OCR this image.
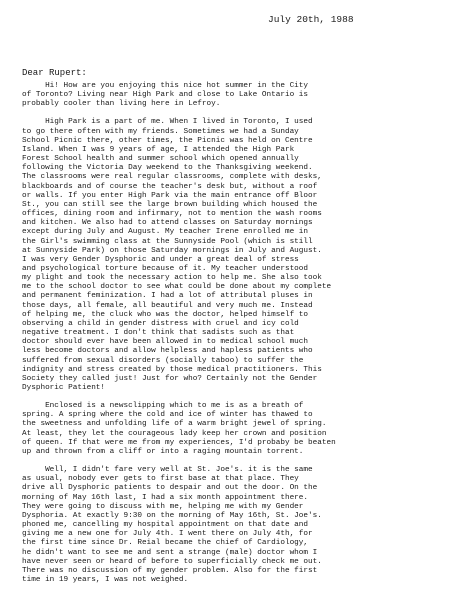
July 20th, 1988
Dear Rupert:
Hi! How are you enjoying this nice hot summer in the City
of Toronto? Living near High Park and close to Lake Ontario is
probably cooler than living here in Lefroy.
High Park is a part of me. When I lived in Toronto, I used
to go there often with my friends. Sometimes we had a Sunday
School Picnic there, other times, the Picnic was held on Centre
Island. When I was 9 years of age, I attended the High Park
Forest School health and summer school which opened annually
following the Victoria Day weekend to the Thanksgiving weekend.
The classrooms were real regular classrooms, complete with desks,
blackboards and of course the teacher's desk but, without a roof
or walls. If you enter High Park via the main entrance off Bloor
St., you can still see the large brown building which housed the
offices, dining room and infirmary, not to mention the wash rooms
and kitchen. We also had to attend classes on Saturday mornings
except during July and August. My teacher Irene enrolled me in
the Girl's swimming class at the Sunnyside Pool (which is still
at Sunnyside Park) on those Saturday mornings in July and August.
I was very Gender Dysphoric and under a great deal of stress
and psychological torture because of it. My teacher understood
my plight and took the necessary action to help me. She also took
me to the school doctor to see what could be done about my complete
and permanent feminization. I had a lot of attributal pluses in
those days, all female, all beautiful and very much me. Instead
of helping me, the cluck who was the doctor, helped himself to
observing a child in gender distress with cruel and icy cold
negative treatment. I don't think that sadists such as that
doctor should ever have been allowed in to medical school much
less become doctors and allow helpless and hapless patients who
suffered from sexual disorders (socially taboo) to suffer the
indignity and stress created by those medical practitioners. This
Society they called just! Just for who? Certainly not the Gender
Dysphoric Patient!
Enclosed is a newsclipping which to me is as a breath of
spring. A spring where the cold and ice of winter has thawed to
the sweetness and unfolding life of a warm bright jewel of spring.
At least, they let the courageous lady keep her crown and position
of queen. If that were me from my experiences, I'd probaby be beaten
up and thrown from a cliff or into a raging mountain torrent.
Well, I didn't fare very well at St. Joe's. it is the same
as usual, nobody ever gets to first base at that place. They
drive all Dysphoric patients to despair and out the door. On the
morning of May 16th last, I had a six month appointment there.
They were going to discuss with me, helping me with my Gender
Dysphoria. At exactly 9:30 on the morning of May 16th, St. Joe's.
phoned me, cancelling my hospital appointment on that date and
giving me a new one for July 4th. I went there on July 4th, for
the first time since Dr. Reial became the chief of Cardiology,
he didn't want to see me and sent a strange (male) doctor whom I
have never seen or heard of before to superficially check me out.
There was no discussion of my gender problem. Also for the first
time in 19 years, I was not weighed.
